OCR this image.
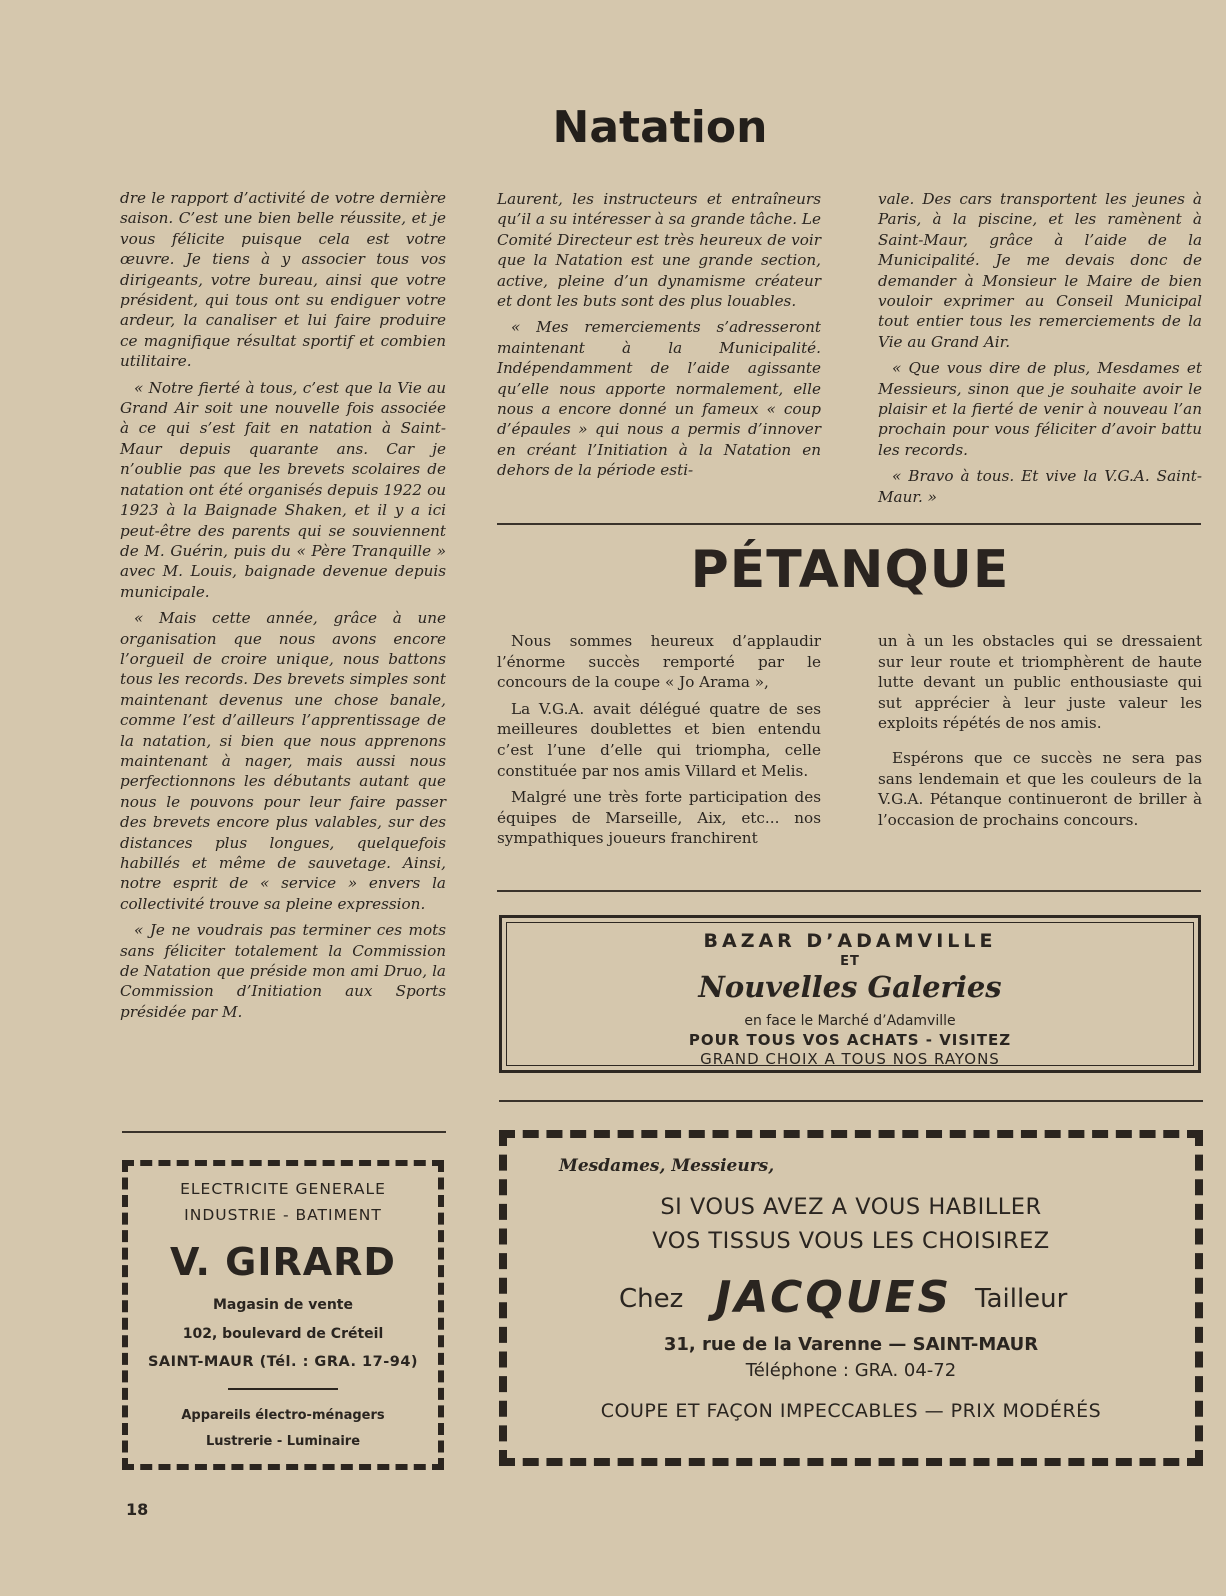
Natation

dre le rapport d’activité de votre dernière saison. C’est une bien belle réussite, et je vous félicite puisque cela est votre œuvre. Je tiens à y associer tous vos dirigeants, votre bureau, ainsi que votre président, qui tous ont su endiguer votre ardeur, la canaliser et lui faire produire ce magnifique résultat sportif et combien utilitaire.

« Notre fierté à tous, c’est que la Vie au Grand Air soit une nouvelle fois associée à ce qui s’est fait en natation à Saint-Maur depuis quarante ans. Car je n’oublie pas que les brevets scolaires de natation ont été organisés depuis 1922 ou 1923 à la Baignade Shaken, et il y a ici peut-être des parents qui se souviennent de M. Guérin, puis du « Père Tranquille » avec M. Louis, baignade devenue depuis municipale.

« Mais cette année, grâce à une organisation que nous avons encore l’orgueil de croire unique, nous battons tous les records. Des brevets simples sont maintenant devenus une chose banale, comme l’est d’ailleurs l’apprentissage de la natation, si bien que nous apprenons maintenant à nager, mais aussi nous perfectionnons les débutants autant que nous le pouvons pour leur faire passer des brevets encore plus valables, sur des distances plus longues, quelquefois habillés et même de sauvetage. Ainsi, notre esprit de « service » envers la collectivité trouve sa pleine expression.

« Je ne voudrais pas terminer ces mots sans féliciter totalement la Commission de Natation que préside mon ami Druo, la Commission d’Initiation aux Sports présidée par M.

Laurent, les instructeurs et entraîneurs qu’il a su intéresser à sa grande tâche. Le Comité Directeur est très heureux de voir que la Natation est une grande section, active, pleine d’un dynamisme créateur et dont les buts sont des plus louables.

« Mes remerciements s’adresseront maintenant à la Municipalité. Indépendamment de l’aide agissante qu’elle nous apporte normalement, elle nous a encore donné un fameux « coup d’épaules » qui nous a permis d’innover en créant l’Initiation à la Natation en dehors de la période esti-

vale. Des cars transportent les jeunes à Paris, à la piscine, et les ramènent à Saint-Maur, grâce à l’aide de la Municipalité. Je me devais donc de demander à Monsieur le Maire de bien vouloir exprimer au Conseil Municipal tout entier tous les remerciements de la Vie au Grand Air.

« Que vous dire de plus, Mesdames et Messieurs, sinon que je souhaite avoir le plaisir et la fierté de venir à nouveau l’an prochain pour vous féliciter d’avoir battu les records.

« Bravo à tous. Et vive la V.G.A. Saint-Maur. »

PÉTANQUE

Nous sommes heureux d’applaudir l’énorme succès remporté par le concours de la coupe « Jo Arama »,

La V.G.A. avait délégué quatre de ses meilleures doublettes et bien entendu c’est l’une d’elle qui triompha, celle constituée par nos amis Villard et Melis.

Malgré une très forte participation des équipes de Marseille, Aix, etc... nos sympathiques joueurs franchirent

un à un les obstacles qui se dressaient sur leur route et triomphèrent de haute lutte devant un public enthousiaste qui sut apprécier à leur juste valeur les exploits répétés de nos amis.

Espérons que ce succès ne sera pas sans lendemain et que les couleurs de la V.G.A. Pétanque continueront de briller à l’occasion de prochains concours.

BAZAR D’ADAMVILLE
ET
Nouvelles Galeries
en face le Marché d’Adamville
POUR TOUS VOS ACHATS - VISITEZ
GRAND CHOIX A TOUS NOS RAYONS
ELECTRICITE GENERALE
INDUSTRIE - BATIMENT
V. GIRARD
Magasin de vente
102, boulevard de Créteil
SAINT-MAUR (Tél. : GRA. 17-94)
Appareils électro-ménagers
Lustrerie - Luminaire
Mesdames, Messieurs,
SI VOUS AVEZ A VOUS HABILLER
VOS TISSUS VOUS LES CHOISIREZ
Chez JACQUES Tailleur
31, rue de la Varenne — SAINT-MAUR
Téléphone : GRA. 04-72
COUPE ET FAÇON IMPECCABLES — PRIX MODÉRÉS
18
